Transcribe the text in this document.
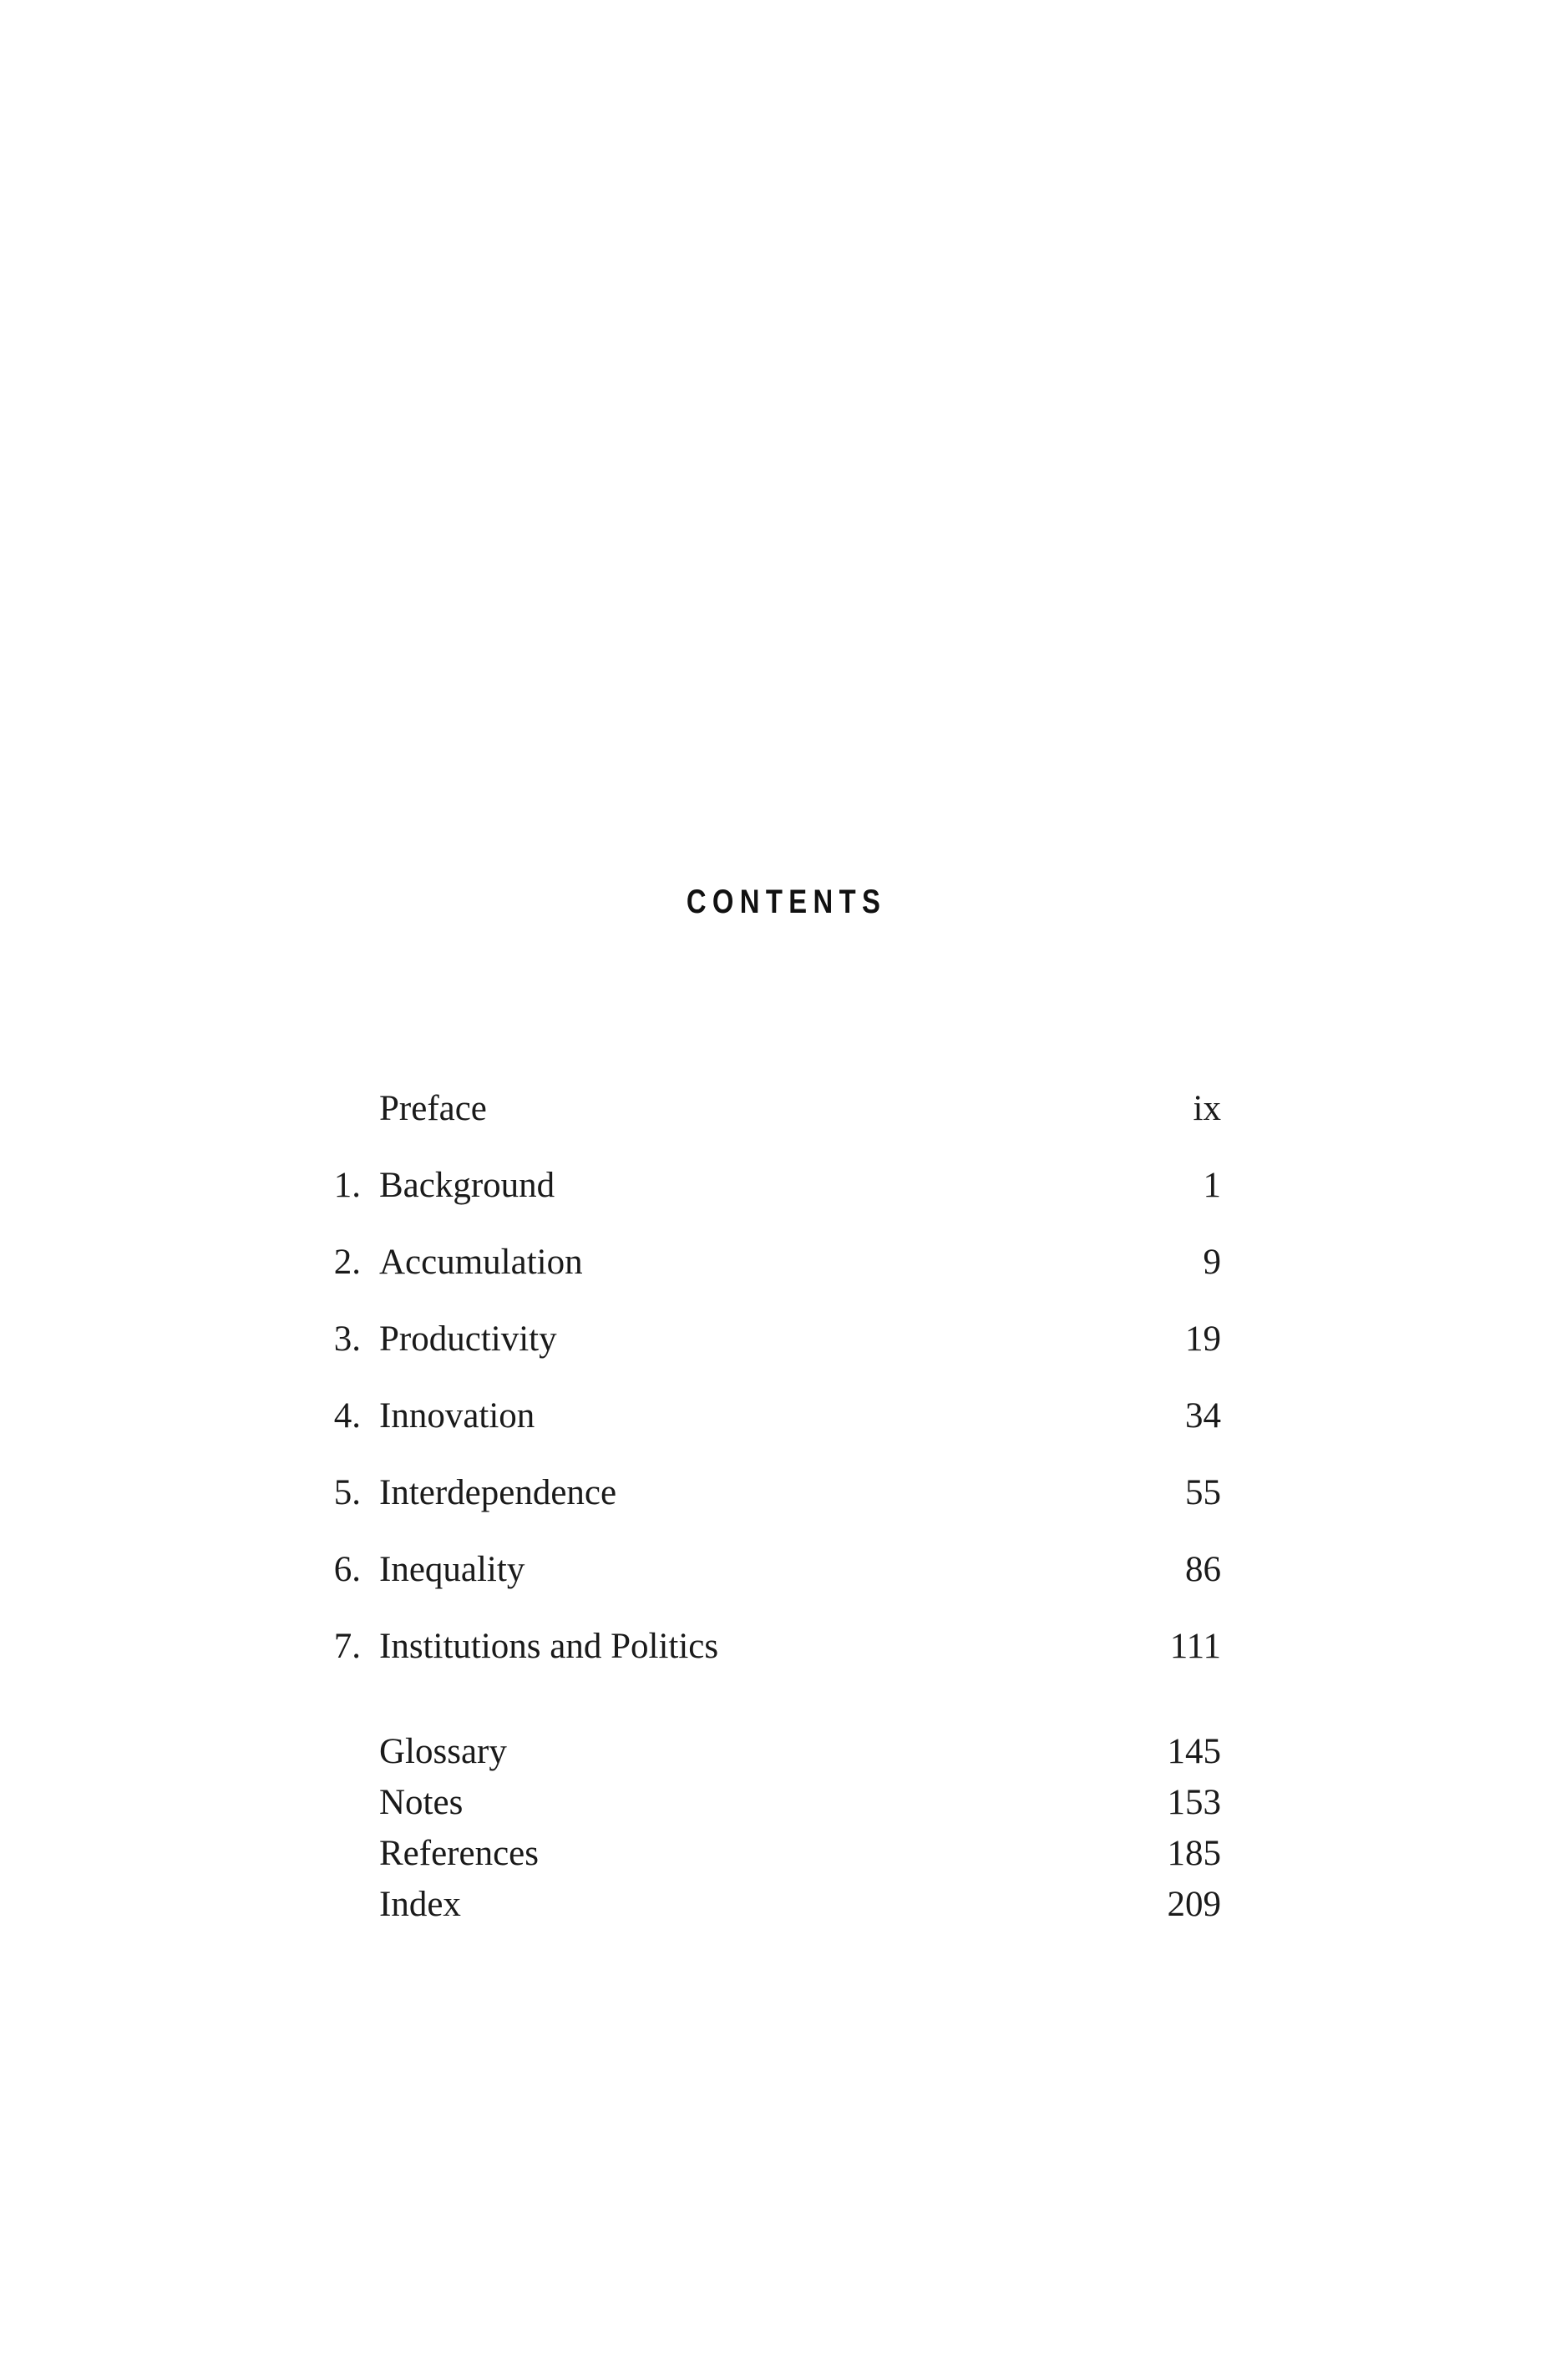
CONTENTS
Preface	ix
1. Background	1
2. Accumulation	9
3. Productivity	19
4. Innovation	34
5. Interdependence	55
6. Inequality	86
7. Institutions and Politics	111
Glossary	145
Notes	153
References	185
Index	209
